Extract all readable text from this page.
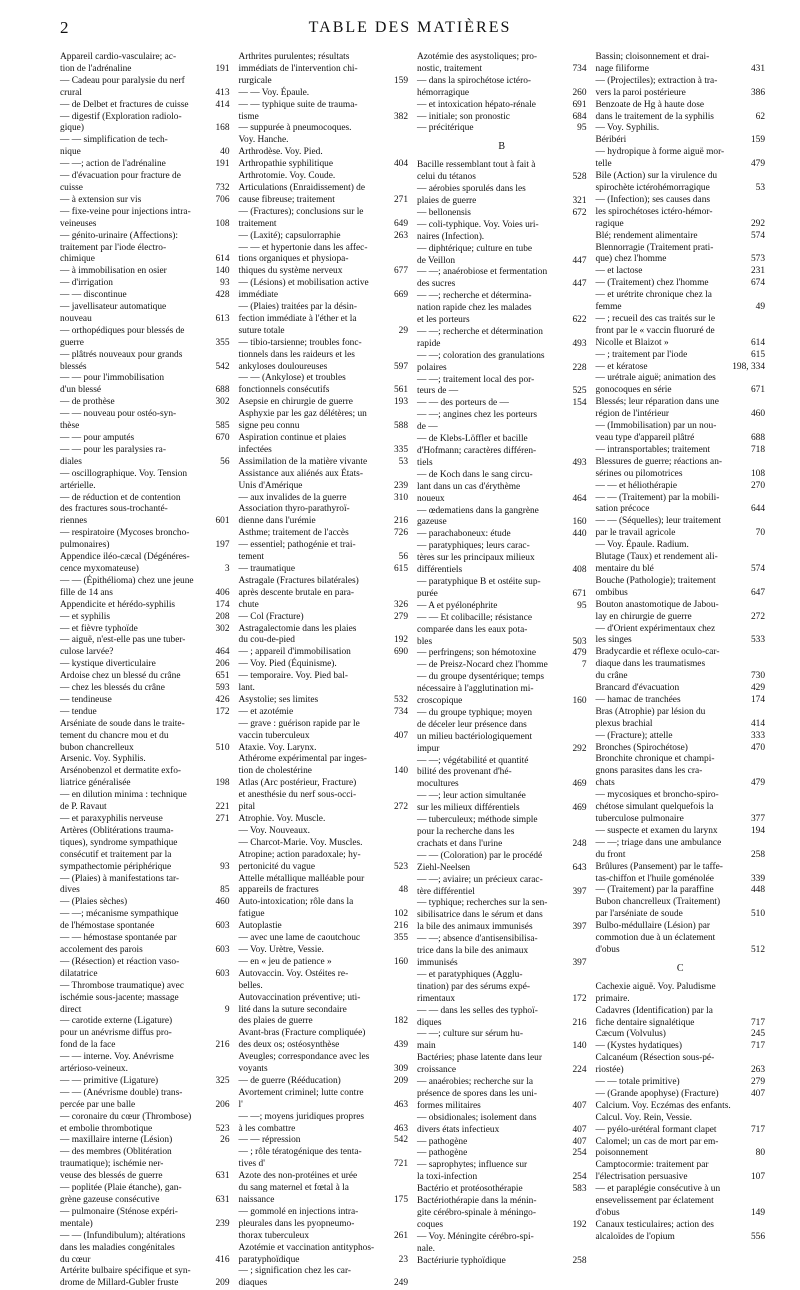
2	TABLE DES MATIÈRES
Appareil cardio-vasculaire; ac-
tion de l'adrénaline	191
— Cadeau pour paralysie du nerf
crural	413
— de Delbet et fractures de cuisse	414
— digestif (Exploration radiolo-
gique)	168
— — simplification de tech-
nique	40
— —; action de l'adrénaline	191
— d'évacuation pour fracture de
cuisse	732
— à extension sur vis	706
— fixe-veine pour injections intra-
veineuses	108
— génito-urinaire (Affections):
traitement par l'iode électro-
chimique	614
— à immobilisation en osier	140
— d'irrigation	93
— — discontinue	428
— javellisateur automatique
nouveau	613
— orthopédiques pour blessés de
guerre	355
— plâtrés nouveaux pour grands
blessés	542
— — pour l'immobilisation
d'un blessé	688
— de prothèse	302
— — nouveau pour ostéo-syn-
thèse	585
— — pour amputés	670
— — pour les paralysies ra-
diales	56
— oscillographique. Voy. Tension
artérielle.
— de réduction et de contention
des fractures sous-trochanté-
riennes	601
— respiratoire (Mycoses broncho-
pulmonaires)	197
Appendice iléo-cæcal (Dégénéres-
cence myxomateuse)	3
— — (Épithélioma) chez une jeune
fille de 14 ans	406
Appendicite et hérédo-syphilis	174
— et syphilis	208
— et fièvre typhoïde	302
— aiguë, n'est-elle pas une tuber-
culose larvée?	464
— kystique diverticulaire	206
Ardoise chez un blessé du crâne	651
— chez les blessés du crâne	593
— tendineuse	426
— tendue	172
Arséniate de soude dans le traite-
tement du chancre mou et du
bubon chancrelleux	510
Arsenic. Voy. Syphilis.
Arsénobenzol et dermatite exfo-
liatrice généralisée	198
— en dilution minima : technique
de P. Ravaut	221
— et paraxyphilis nerveuse	271
Artères (Oblitérations trauma-
tiques), syndrome sympathique
consécutif et traitement par la
sympathectomie périphérique	93
— (Plaies) à manifestations tar-
dives	85
— (Plaies sèches)	460
— —; mécanisme sympathique
de l'hémostase spontanée	603
— — hémostase spontanée par
accolement des parois	603
— (Résection) et réaction vaso-
dilatatrice	603
— Thrombose traumatique) avec
ischémie sous-jacente; massage
direct	9
— carotide externe (Ligature)
pour un anévrisme diffus pro-
fond de la face	216
— — interne. Voy. Anévrisme
artérioso-veineux.
— — primitive (Ligature)	325
— — (Anévrisme double) trans-
percée par une balle	206
— coronaire du cœur (Thrombose)
et embolie thrombotique	523
— maxillaire interne (Lésion)	26
— des membres (Oblitération
traumatique); ischémie ner-
veuse des blessés de guerre	631
— poplitée (Plaie étanche), gan-
grène gazeuse consécutive	631
— pulmonaire (Sténose expéri-
mentale)	239
— — (Infundibulum); altérations
dans les maladies congénitales
du cœur	416
Artérite bulbaire spécifique et syn-
drome de Millard-Gubler fruste	209
Arthrites purulentes; résultats
immédiats de l'intervention chi-
rurgicale	159
— — Voy. Épaule.
— — typhique suite de trauma-
tisme	382
— suppurée à pneumocoques.
Voy. Hanche.
Arthrodèse. Voy. Pied.
Arthropathie syphilitique	404
Arthrotomie. Voy. Coude.
Articulations (Enraidissement) de
cause fibreuse; traitement	271
— (Fractures); conclusions sur le
traitement	649
— (Laxité); capsulorraphie	263
— — et hypertonie dans les affec-
tions organiques et physiopa-
thiques du système nerveux	677
— (Lésions) et mobilisation active
immédiate	669
— (Plaies) traitées par la désin-
fection immédiate à l'éther et la
suture totale	29
— tibio-tarsienne; troubles fonc-
tionnels dans les raideurs et les
ankyloses douloureuses	597
— — (Ankylose) et troubles
fonctionnels consécutifs	561
Asepsie en chirurgie de guerre	193
Asphyxie par les gaz délétères; un
signe peu connu	588
Aspiration continue et plaies
infectées	335
Assimilation de la matière vivante	53
Assistance aux aliénés aux États-
Unis d'Amérique	239
— aux invalides de la guerre	310
Association thyro-parathyroï-
dienne dans l'urémie	216
Asthme; traitement de l'accès	726
— essentiel; pathogénie et trai-
tement	56
— traumatique	615
Astragale (Fractures bilatérales)
après descente brutale en para-
chute	326
— Col (Fracture)	279
Astragalectomie dans les plaies
du cou-de-pied	192
— ; appareil d'immobilisation	690
— Voy. Pied (Équinisme).
— temporaire. Voy. Pied bal-
lant.
Asystolie; ses limites	532
— et azotémie	734
— grave : guérison rapide par le
vaccin tuberculeux	407
Ataxie. Voy. Larynx.
Athérome expérimental par inges-
tion de cholestérine	140
Atlas (Arc postérieur, Fracture)
et anesthésie du nerf sous-occi-
pital	272
Atrophie. Voy. Muscle.
— Voy. Nouveaux.
— Charcot-Marie. Voy. Muscles.
Atropine; action paradoxale; hy-
pertonicité du vague	523
Attelle métallique malléable pour
appareils de fractures	48
Auto-intoxication; rôle dans la
fatigue	102
Autoplastie	216
— avec une lame de caoutchouc	355
— Voy. Urètre, Vessie.
— en « jeu de patience »	160
Autovaccin. Voy. Ostéites re-
belles.
Autovaccination préventive; uti-
lité dans la suture secondaire
des plaies de guerre	182
Avant-bras (Fracture compliquée)
des deux os; ostéosynthèse	439
Aveugles; correspondance avec les
voyants	309
— de guerre (Rééducation)	209
Avortement criminel; lutte contre
l'	463
— —; moyens juridiques propres
à les combattre	463
— — répression	542
— ; rôle tératogénique des tenta-
tives d'	721
Azote des non-protéines et urée
du sang maternel et fœtal à la
naissance	175
— gommolé en injections intra-
pleurales dans les pyopneumo-
thorax tuberculeux	261
Azotémie et vaccination antityphos-
paratyphoïdique	23
— ; signification chez les car-
diaques	249
Azotémie des asystoliques; pro-
nostic, traitement	734
— dans la spirochétose ictéro-
hémorragique	260
— et intoxication hépato-rénale	691
— initiale; son pronostic	684
— précitérique	95
B
Bacille ressemblant tout à fait à
celui du tétanos	528
— aérobies sporulés dans les
plaies de guerre	321
— bellonensis	672
— coli-typhique. Voy. Voies uri-
naires (Infection).
— diphtérique; culture en tube
de Veillon	447
— —; anaérobiose et fermentation
des sucres	447
— —; recherche et détermina-
nation rapide chez les malades
et les porteurs	622
— —; recherche et détermination
rapide	493
— —; coloration des granulations
polaires	228
— —; traitement local des por-
teurs de —	525
— — des porteurs de —	154
— —; angines chez les porteurs
de —
— de Klebs-Löffler et bacille
d'Hofmann; caractères différen-
tiels	493
— de Koch dans le sang circu-
lant dans un cas d'érythème
noueux	464
— œdematiens dans la gangrène
gazeuse	160
— parachaboneux: étude	440
— paratyphiques; leurs carac-
tères sur les principaux milieux
différentiels	408
— paratyphique B et ostéite sup-
purée	671
— A et pyélonéphrite	95
— — Et colibacille; résistance
comparée dans les eaux pota-
bles	503
— perfringens; son hémotoxine	479
— de Preisz-Nocard chez l'homme	7
— du groupe dysentérique; temps
nécessaire à l'agglutination mi-
croscopique	160
— du groupe typhique; moyen
de déceler leur présence dans
un milieu bactériologiquement
impur	292
— —; végétabilité et quantité
bilité des provenant d'hé-
mocultures	469
— —; leur action simultanée
sur les milieux différentiels	469
— tuberculeux; méthode simple
pour la recherche dans les
crachats et dans l'urine	248
— — (Coloration) par le procédé
Ziehl-Neelsen	643
— —; aviaire; un précieux carac-
tère différentiel	397
— typhique; recherches sur la sen-
sibilisatrice dans le sérum et dans
la bile des animaux immunisés	397
— —; absence d'antisensibilisa-
trice dans la bile des animaux
immunisés	397
— et paratyphiques (Agglu-
tination) par des sérums expé-
rimentaux	172
— — dans les selles des typhoï-
diques	216
— —; culture sur sérum hu-
main	140
Bactéries; phase latente dans leur
croissance	224
— anaérobies; recherche sur la
présence de spores dans les uni-
formes militaires	407
— obsidionales; isolement dans
divers états infectieux	407
— pathogène	407
— pathogène	254
— saprophytes; influence sur
la toxi-infection	254
Bactério et protéosothérapie	583
Bactériothérapie dans la ménin-
gite cérébro-spinale à méningo-
coques	192
— Voy. Méningite cérébro-spi-
nale.
Bactériurie typhoïdique	258
Bassin; cloisonnement et drai-
nage filiforme	431
— (Projectiles); extraction à tra-
vers la paroi postérieure	386
Benzoate de Hg à haute dose
dans le traitement de la syphilis	62
— Voy. Syphilis.
Béribéri	159
— hydropique à forme aiguë mor-
telle	479
Bile (Action) sur la virulence du
spirochète ictérohémorragique	53
— (Infection); ses causes dans
les spirochétoses ictéro-hémor-
ragique	292
Blé; rendement alimentaire	574
Blennorragie (Traitement prati-
que) chez l'homme	573
— et lactose	231
— (Traitement) chez l'homme	674
— et urétrite chronique chez la
femme	49
— ; recueil des cas traités sur le
front par le « vaccin fluoruré de
Nicolle et Blaizot »	614
— ; traitement par l'iode	615
— et kératose	198, 334
— urétrale aiguë; animation des
gonocoques en série	671
Blessés; leur réparation dans une
région de l'intérieur	460
— (Immobilisation) par un nou-
veau type d'appareil plâtré	688
— intransportables; traitement	718
Blessures de guerre; réactions an-
sérines ou pilomotrices	108
— — et héliothérapie	270
— — (Traitement) par la mobili-
sation précoce	644
— — (Séquelles); leur traitement
par le travail agricole	70
— Voy. Épaule. Radium.
Blutage (Taux) et rendement ali-
mentaire du blé	574
Bouche (Pathologie); traitement
ombibus	647
Bouton anastomotique de Jabou-
lay en chirurgie de guerre	272
— d'Orient expérimentaux chez
les singes	533
Bradycardie et réflexe oculo-car-
diaque dans les traumatismes
du crâne	730
Brancard d'évacuation	429
— hamac de tranchées	174
Bras (Atrophie) par lésion du
plexus brachial	414
— (Fracture); attelle	333
Bronches (Spirochétose)	470
Bronchite chronique et champi-
gnons parasites dans les cra-
chats	479
— mycosiques et broncho-spiro-
chétose simulant quelquefois la
tuberculose pulmonaire	377
— suspecte et examen du larynx	194
— —; triage dans une ambulance
du front	258
Brûlures (Pansement) par le taffe-
tas-chiffon et l'huile goménolée	339
— (Traitement) par la paraffine	448
Bubon chancrelleux (Traitement)
par l'arséniate de soude	510
Bulbo-médullaire (Lésion) par
commotion due à un éclatement
d'obus	512
C
Cachexie aiguë. Voy. Paludisme
primaire.
Cadavres (Identification) par la
fiche dentaire signalétique	717
Cæcum (Volvulus)	245
— (Kystes hydatiques)	717
Calcanéum (Résection sous-pé-
riostée)	263
— — totale primitive)	279
— (Grande apophyse) (Fracture)	407
Calcium. Voy. Eczémas des enfants.
Calcul. Voy. Rein, Vessie.
— pyélo-urétéral formant clapet	717
Calomel; un cas de mort par em-
poisonnement	80
Camptocormie: traitement par
l'électrisation persuasive	107
— et paraplégie consécutive à un
ensevelissement par éclatement
d'obus	149
Canaux testiculaires; action des
alcaloïdes de l'opium	556
